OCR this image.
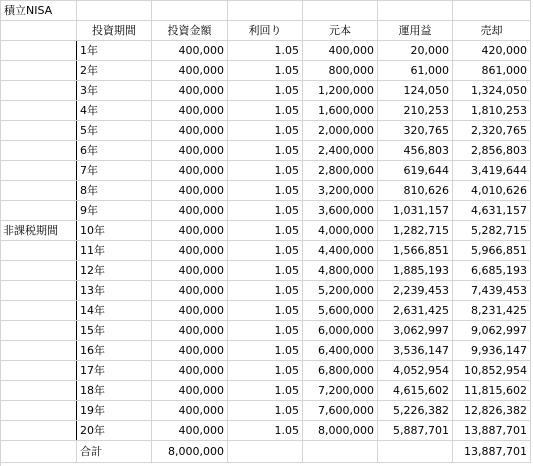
積立NISA						
	投資期間	投資金額	利回り	元本	運用益	売却
	1年	400,000	1.05	400,000	20,000	420,000
	2年	400,000	1.05	800,000	61,000	861,000
	3年	400,000	1.05	1,200,000	124,050	1,324,050
	4年	400,000	1.05	1,600,000	210,253	1,810,253
	5年	400,000	1.05	2,000,000	320,765	2,320,765
	6年	400,000	1.05	2,400,000	456,803	2,856,803
	7年	400,000	1.05	2,800,000	619,644	3,419,644
	8年	400,000	1.05	3,200,000	810,626	4,010,626
	9年	400,000	1.05	3,600,000	1,031,157	4,631,157
非課税期間	10年	400,000	1.05	4,000,000	1,282,715	5,282,715
	11年	400,000	1.05	4,400,000	1,566,851	5,966,851
	12年	400,000	1.05	4,800,000	1,885,193	6,685,193
	13年	400,000	1.05	5,200,000	2,239,453	7,439,453
	14年	400,000	1.05	5,600,000	2,631,425	8,231,425
	15年	400,000	1.05	6,000,000	3,062,997	9,062,997
	16年	400,000	1.05	6,400,000	3,536,147	9,936,147
	17年	400,000	1.05	6,800,000	4,052,954	10,852,954
	18年	400,000	1.05	7,200,000	4,615,602	11,815,602
	19年	400,000	1.05	7,600,000	5,226,382	12,826,382
	20年	400,000	1.05	8,000,000	5,887,701	13,887,701
	合計	8,000,000				13,887,701
